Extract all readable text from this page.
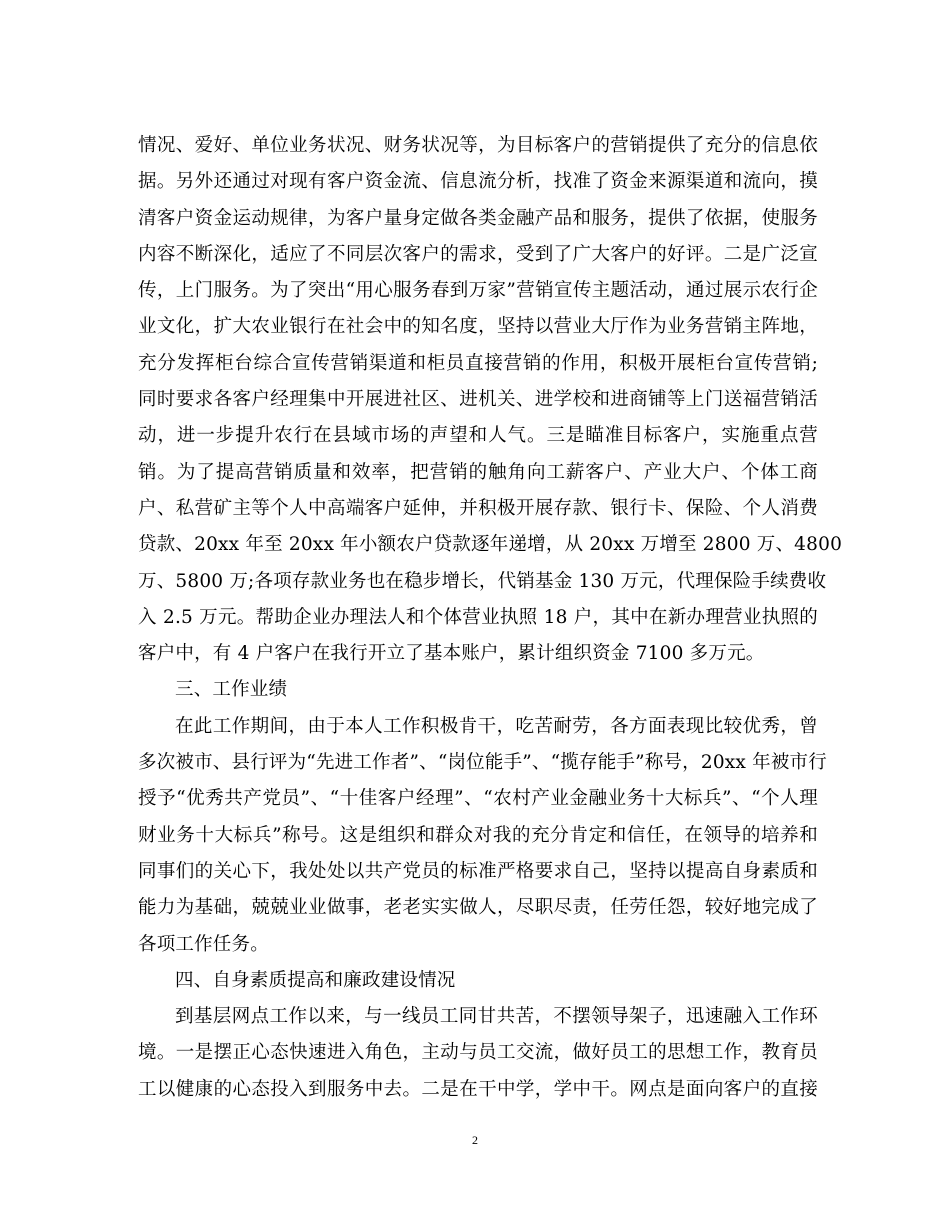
情况、爱好、单位业务状况、财务状况等，为目标客户的营销提供了充分的信息依
据。另外还通过对现有客户资金流、信息流分析，找准了资金来源渠道和流向，摸
清客户资金运动规律，为客户量身定做各类金融产品和服务，提供了依据，使服务
内容不断深化，适应了不同层次客户的需求，受到了广大客户的好评。二是广泛宣
传，上门服务。为了突出“用心服务春到万家”营销宣传主题活动，通过展示农行企
业文化，扩大农业银行在社会中的知名度，坚持以营业大厅作为业务营销主阵地，
充分发挥柜台综合宣传营销渠道和柜员直接营销的作用，积极开展柜台宣传营销;
同时要求各客户经理集中开展进社区、进机关、进学校和进商铺等上门送福营销活
动，进一步提升农行在县域市场的声望和人气。三是瞄准目标客户，实施重点营
销。为了提高营销质量和效率，把营销的触角向工薪客户、产业大户、个体工商
户、私营矿主等个人中高端客户延伸，并积极开展存款、银行卡、保险、个人消费
贷款、20xx 年至 20xx 年小额农户贷款逐年递增，从 20xx 万增至 2800 万、4800
万、5800 万;各项存款业务也在稳步增长，代销基金 130 万元，代理保险手续费收
入 2.5 万元。帮助企业办理法人和个体营业执照 18 户，其中在新办理营业执照的
客户中，有 4 户客户在我行开立了基本账户，累计组织资金 7100 多万元。
三、工作业绩
在此工作期间，由于本人工作积极肯干，吃苦耐劳，各方面表现比较优秀，曾
多次被市、县行评为“先进工作者”、“岗位能手”、“揽存能手”称号，20xx 年被市行
授予“优秀共产党员”、“十佳客户经理”、“农村产业金融业务十大标兵”、“个人理
财业务十大标兵”称号。这是组织和群众对我的充分肯定和信任，在领导的培养和
同事们的关心下，我处处以共产党员的标准严格要求自己，坚持以提高自身素质和
能力为基础，兢兢业业做事，老老实实做人，尽职尽责，任劳任怨，较好地完成了
各项工作任务。
四、自身素质提高和廉政建设情况
到基层网点工作以来，与一线员工同甘共苦，不摆领导架子，迅速融入工作环
境。一是摆正心态快速进入角色，主动与员工交流，做好员工的思想工作，教育员
工以健康的心态投入到服务中去。二是在干中学，学中干。网点是面向客户的直接
2
